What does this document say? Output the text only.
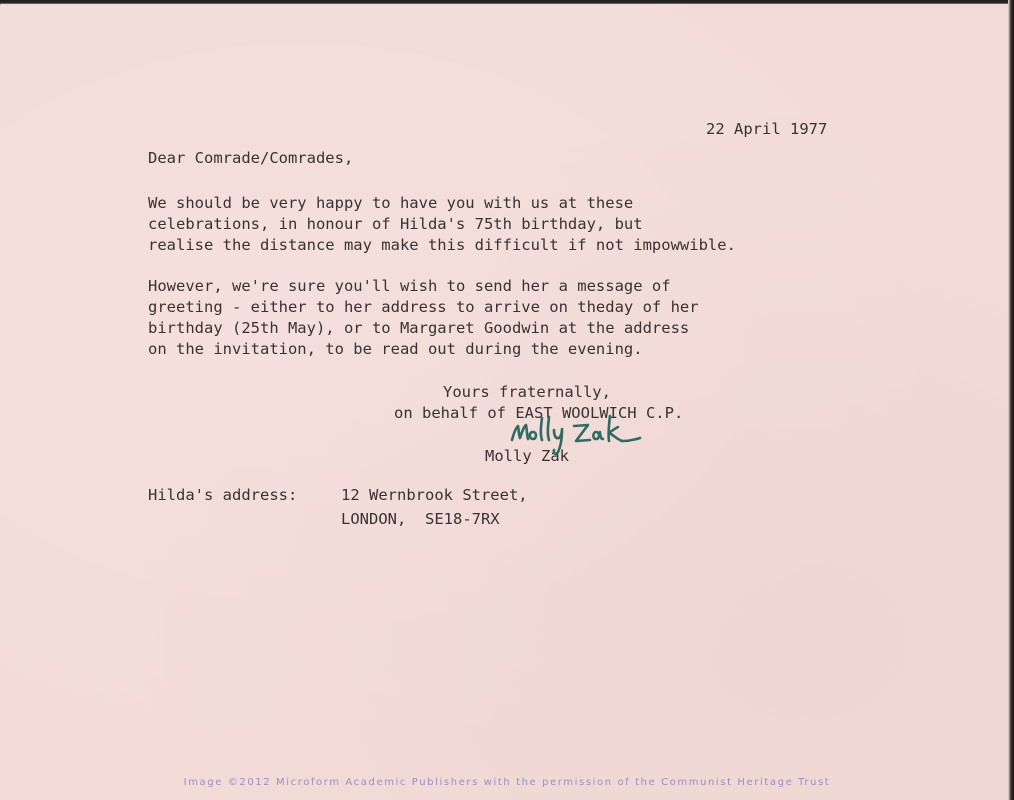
22 April 1977
Dear Comrade/Comrades,
We should be very happy to have you with us at these
celebrations, in honour of Hilda's 75th birthday, but
realise the distance may make this difficult if not impowwible.
However, we're sure you'll wish to send her a message of
greeting - either to her address to arrive on theday of her
birthday (25th May), or to Margaret Goodwin at the address
on the invitation, to be read out during the evening.
Yours fraternally,
on behalf of EAST WOOLWICH C.P.
Molly Zak
Hilda's address:	12 Wernbrook Street,
LONDON,  SE18-7RX
Image ©2012 Microform Academic Publishers with the permission of the Communist Heritage Trust
